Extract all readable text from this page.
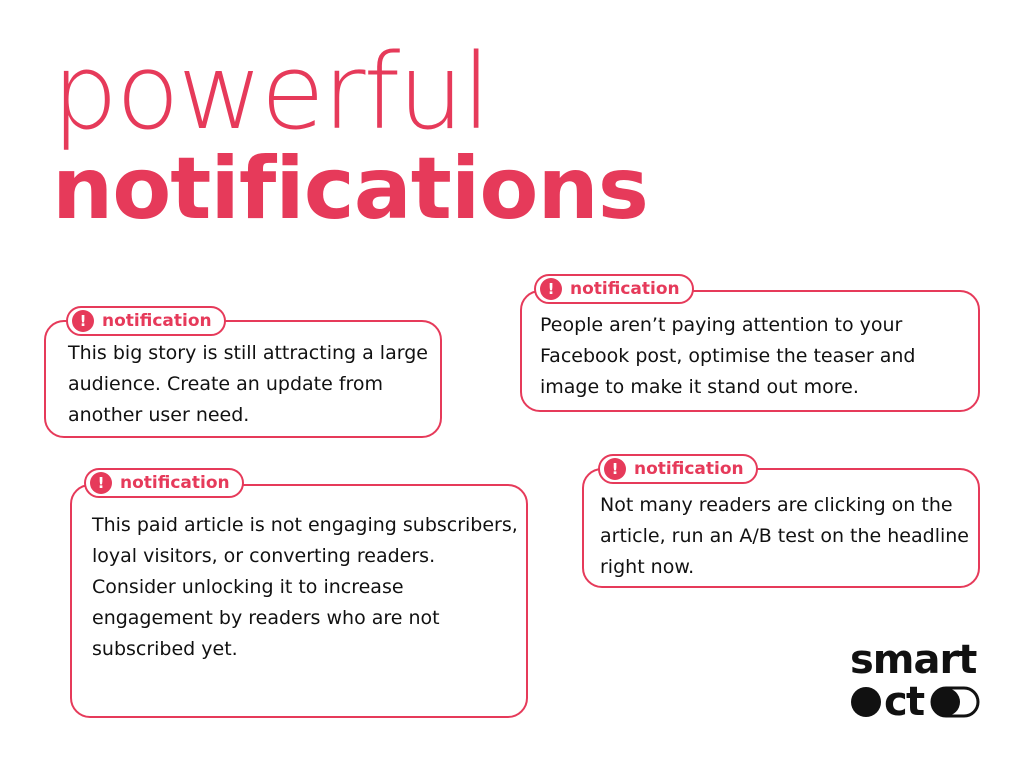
powerful
notifications

This big story is still attracting a large audience. Create an update from another user need.

! notification	People aren’t paying attention to your Facebook post, optimise the teaser and image to make it stand out more.

! notification

This paid article is not engaging subscribers, loyal visitors, or converting readers.

Consider unlocking it to increase engagement by readers who are not subscribed yet.

! notification

Not many readers are clicking on the article, run an A/B test on the headline right now.

! notification
smart
c
t
